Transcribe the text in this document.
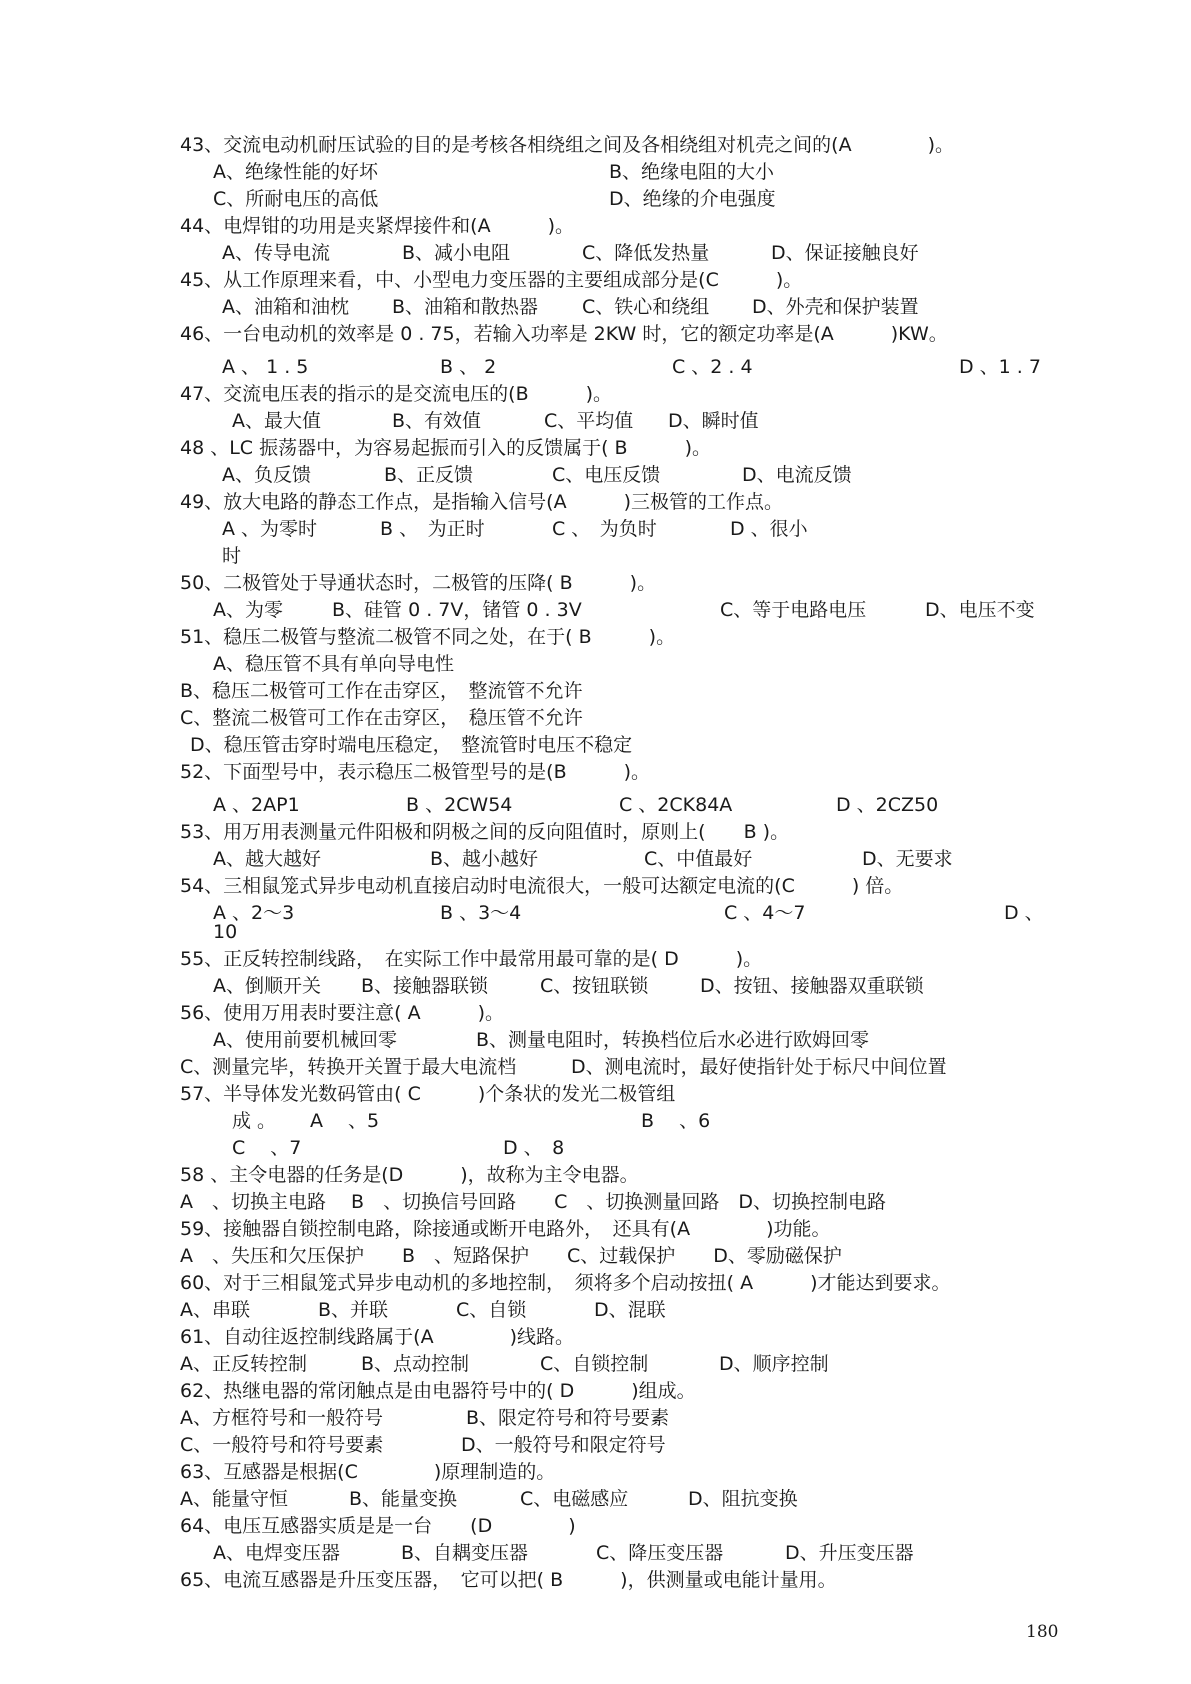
43、交流电动机耐压试验的目的是考核各相绕组之间及各相绕组对机壳之间的(A　　　　)。
A、绝缘性能的好坏	B、绝缘电阻的大小
C、所耐电压的高低	D、绝缘的介电强度
44、电焊钳的功用是夹紧焊接件和(A　　　)。
A、传导电流	B、减小电阻	C、降低发热量	D、保证接触良好
45、从工作原理来看，中、小型电力变压器的主要组成部分是(C　　　)。
A、油箱和油枕 B、油箱和散热器 C、铁心和绕组 D、外壳和保护装置
46、一台电动机的效率是 0 . 75，若输入功率是 2KW 时，它的额定功率是(A　　　)KW。
A 、 1 . 5	B 、 2	C 、2 . 4	D 、1 . 7
47、交流电压表的指示的是交流电压的(B　　　)。
A、最大值	B、有效值	C、平均值 D、瞬时值
48 、LC 振荡器中，为容易起振而引入的反馈属于( B　　　)。
A、负反馈	B、正反馈	C、电压反馈	D、电流反馈
49、放大电路的静态工作点，是指输入信号(A　　　)三极管的工作点。
A 、为零时	B 、　为正时	C 、　为负时	D 、很小
时
50、二极管处于导通状态时，二极管的压降( B　　　)。
A、为零	B、硅管 0 . 7V，锗管 0 . 3V	C、等于电路电压	D、电压不变
51、稳压二极管与整流二极管不同之处，在于( B　　　)。
A、稳压管不具有单向导电性
B、稳压二极管可工作在击穿区，　整流管不允许
C、整流二极管可工作在击穿区，　稳压管不允许
D、稳压管击穿时端电压稳定，　整流管时电压不稳定
52、下面型号中，表示稳压二极管型号的是(B　　　)。
A 、2AP1	B 、2CW54	C 、2CK84A	D 、2CZ50
53、用万用表测量元件阳极和阴极之间的反向阻值时，原则上(　　B )。
A、越大越好	B、越小越好	C、中值最好	D、无要求
54、三相鼠笼式异步电动机直接启动时电流很大，一般可达额定电流的(C　　　) 倍。
A 、2～3	B 、3～4	C 、4～7	D 、
10
55、正反转控制线路，　在实际工作中最常用最可靠的是( D　　　)。
A、倒顺开关 B、接触器联锁	C、按钮联锁	D、按钮、接触器双重联锁
56、使用万用表时要注意( A　　　)。
A、使用前要机械回零	B、测量电阻时，转换档位后水必进行欧姆回零
C、测量完毕，转换开关置于最大电流档	D、测电流时，最好使指针处于标尺中间位置
57、半导体发光数码管由( C　　　)个条状的发光二极管组
成 。 A　 、5	B　 、6
C　 、7	D 、　8
58 、主令电器的任务是(D　　　)，故称为主令电器。
A　、切换主电路　 B　、切换信号回路　　C　、切换测量回路　D、切换控制电路
59、接触器自锁控制电路，除接通或断开电路外，　还具有(A　　　　)功能。
A　、失压和欠压保护　　B　、短路保护　　C、过载保护　　D、零励磁保护
60、对于三相鼠笼式异步电动机的多地控制，　须将多个启动按扭( A　　　)才能达到要求。
A、串联	B、并联	C、自锁	D、混联
61、自动往返控制线路属于(A　　　　)线路。
A、正反转控制	B、点动控制	C、自锁控制	D、顺序控制
62、热继电器的常闭触点是由电器符号中的( D　　　)组成。
A、方框符号和一般符号	B、限定符号和符号要素
C、一般符号和符号要素	D、一般符号和限定符号
63、互感器是根据(C　　　　)原理制造的。
A、能量守恒	B、能量变换	C、电磁感应	D、阻抗变换
64、电压互感器实质是是一台　　(D　　　　)
A、电焊变压器	B、自耦变压器	C、降压变压器	D、升压变压器
65、电流互感器是升压变压器，　它可以把( B　　　)，供测量或电能计量用。
180
